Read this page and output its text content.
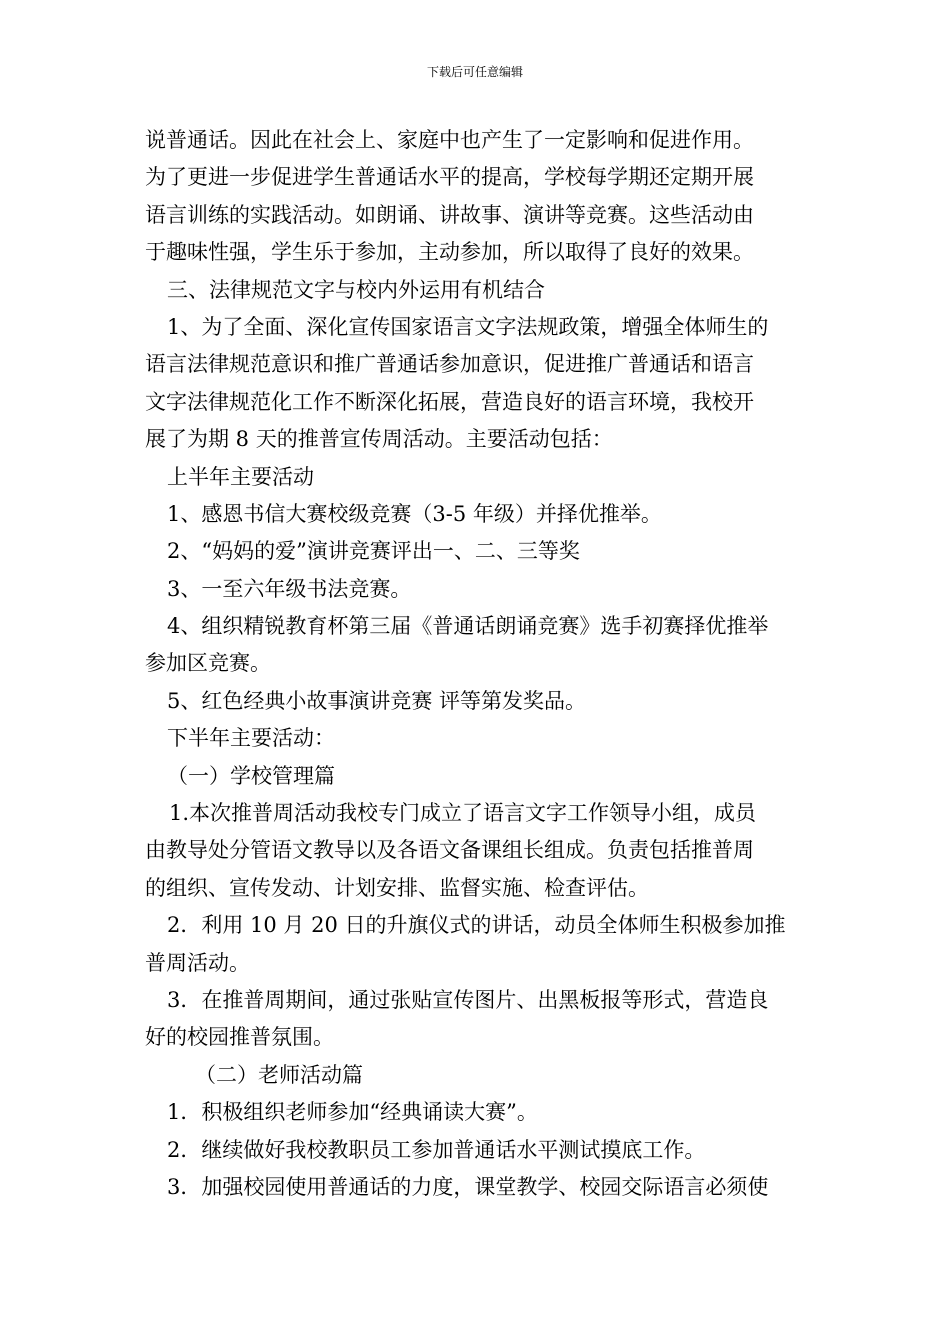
下载后可任意编辑
说普通话。因此在社会上、家庭中也产生了一定影响和促进作用。
为了更进一步促进学生普通话水平的提高，学校每学期还定期开展
语言训练的实践活动。如朗诵、讲故事、演讲等竞赛。这些活动由
于趣味性强，学生乐于参加，主动参加，所以取得了良好的效果。
三、法律规范文字与校内外运用有机结合
1、为了全面、深化宣传国家语言文字法规政策，增强全体师生的
语言法律规范意识和推广普通话参加意识，促进推广普通话和语言
文字法律规范化工作不断深化拓展，营造良好的语言环境，我校开
展了为期 8 天的推普宣传周活动。主要活动包括：
上半年主要活动
1、感恩书信大赛校级竞赛（3-5 年级）并择优推举。
2、“妈妈的爱”演讲竞赛评出一、二、三等奖
3、一至六年级书法竞赛。
4、组织精锐教育杯第三届《普通话朗诵竞赛》选手初赛择优推举
参加区竞赛。
5、红色经典小故事演讲竞赛 评等第发奖品。
下半年主要活动：
（一）学校管理篇
1.本次推普周活动我校专门成立了语言文字工作领导小组，成员
由教导处分管语文教导以及各语文备课组长组成。负责包括推普周
的组织、宣传发动、计划安排、监督实施、检查评估。
2．利用 10 月 20 日的升旗仪式的讲话，动员全体师生积极参加推
普周活动。
3．在推普周期间，通过张贴宣传图片、出黑板报等形式，营造良
好的校园推普氛围。
（二）老师活动篇
1．积极组织老师参加“经典诵读大赛”。
2．继续做好我校教职员工参加普通话水平测试摸底工作。
3．加强校园使用普通话的力度，课堂教学、校园交际语言必须使
